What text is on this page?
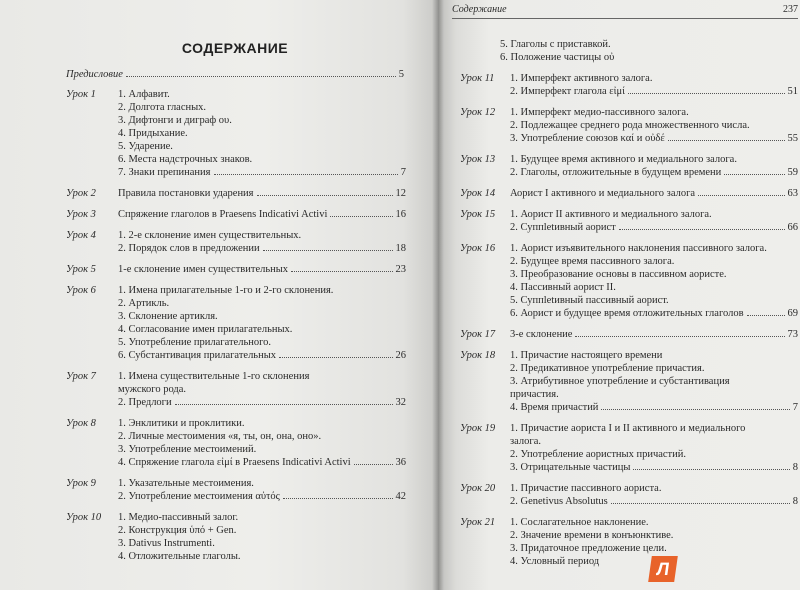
СОДЕРЖАНИЕ
Предисловие	5
Урок 1 1. Алфавит.
2. Долгота гласных.
3. Дифтонги и диграф ου.
4. Придыхание.
5. Ударение.
6. Места надстрочных знаков.
7. Знаки препинания	7
Урок 2 Правила постановки ударения	12
Урок 3 Спряжение глаголов в Praesens Indicativi Activi	16
Урок 4 1. 2-е склонение имен существительных.
2. Порядок слов в предложении	18
Урок 5 1-е склонение имен существительных	23
Урок 6 1. Имена прилагательные 1-го и 2-го склонения.
2. Артикль.
3. Склонение артикля.
4. Согласование имен прилагательных.
5. Употребление прилагательного.
6. Субстантивация прилагательных	26
Урок 7 1. Имена существительные 1-го склонения
мужского рода.
2. Предлоги	32
Урок 8 1. Энклитики и проклитики.
2. Личные местоимения «я, ты, он, она, оно».
3. Употребление местоимений.
4. Спряжение глагола εἰμί в Praesens Indicativi Activi	36
Урок 9 1. Указательные местоимения.
2. Употребление местоимения αὐτός	42
Урок 10 1. Медио-пассивный залог.
2. Конструкция ὑπό + Gen.
3. Dativus Instrumenti.
4. Отложительные глаголы.
5. Глаголы с приставкой.
6. Положение частицы οὐ
Урок 11 1. Имперфект активного залога.
2. Имперфект глагола εἰμί	51
Урок 12 1. Имперфект медио-пассивного залога.
2. Подлежащее среднего рода множественного числа.
3. Употребление союзов καί и οὐδέ	55
Урок 13 1. Будущее время активного и медиального залога.
2. Глаголы, отложительные в будущем времени	59
Урок 14 Аорист I активного и медиального залога	63
Урок 15 1. Аорист II активного и медиального залога.
2. Суппletивный аорист	66
Урок 16 1. Аорист изъявительного наклонения пассивного залога.
2. Будущее время пассивного залога.
3. Преобразование основы в пассивном аористе.
4. Пассивный аорист II.
5. Суппletивный пассивный аорист.
6. Аорист и будущее время отложительных глаголов	69
Урок 17 3-е склонение	73
Урок 18 1. Причастие настоящего времени
2. Предикативное употребление причастия.
3. Атрибутивное употребление и субстантивация
причастия.
4. Время причастий	7
Урок 19 1. Причастие аориста I и II активного и медиального
залога.
2. Употребление аористных причастий.
3. Отрицательные частицы	8
Урок 20 1. Причастие пассивного аориста.
2. Genetivus Absolutus	8
Урок 21 1. Сослагательное наклонение.
2. Значение времени в конъюнктиве.
3. Придаточное предложение цели.
4. Условный период
Содержание	237
Л
